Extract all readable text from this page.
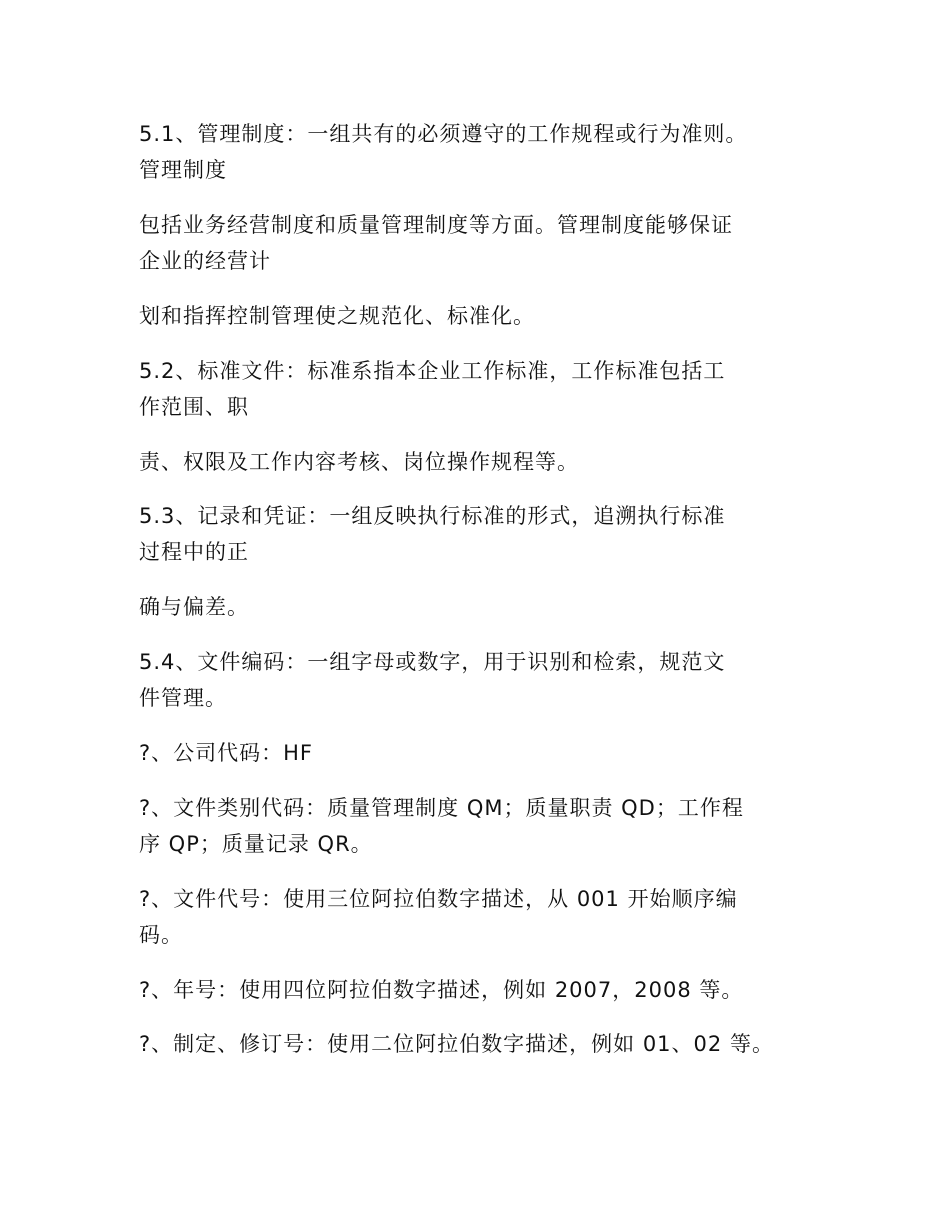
5.1、管理制度：一组共有的必须遵守的工作规程或行为准则。

管理制度

包括业务经营制度和质量管理制度等方面。管理制度能够保证

企业的经营计

划和指挥控制管理使之规范化、标准化。

5.2、标准文件：标准系指本企业工作标准，工作标准包括工

作范围、职

责、权限及工作内容考核、岗位操作规程等。

5.3、记录和凭证：一组反映执行标准的形式，追溯执行标准

过程中的正

确与偏差。

5.4、文件编码：一组字母或数字，用于识别和检索，规范文

件管理。

?、公司代码：HF

?、文件类别代码：质量管理制度 QM；质量职责 QD；工作程

序 QP；质量记录 QR。

?、文件代号：使用三位阿拉伯数字描述，从 001 开始顺序编

码。

?、年号：使用四位阿拉伯数字描述，例如 2007，2008 等。

?、制定、修订号：使用二位阿拉伯数字描述，例如 01、02 等。
